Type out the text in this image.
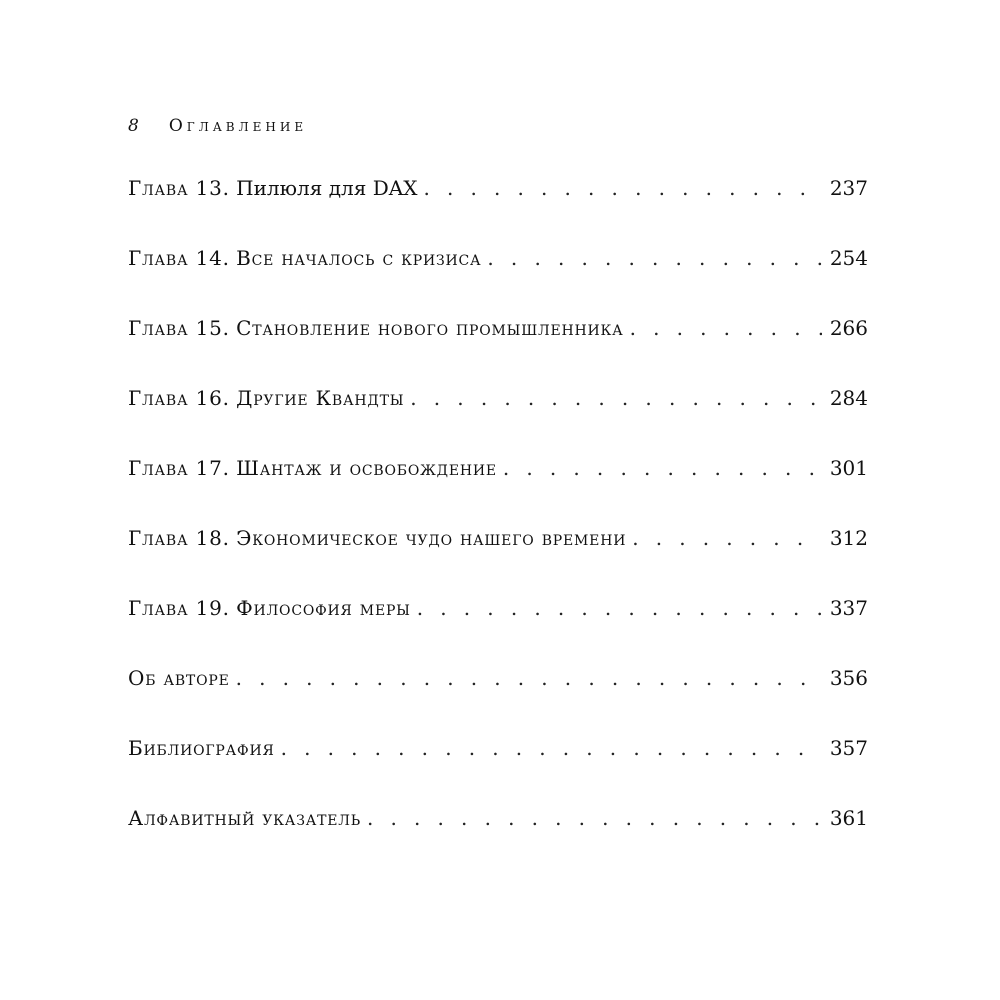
8 Оглавление
Глава 13. Пилюля для DAX . . .	237
Глава 14. Все началось с кризиса . . .	254
Глава 15. Становление нового промышленника . . .	266
Глава 16. Другие Квандты . . .	284
Глава 17. Шантаж и освобождение . . .	301
Глава 18. Экономическое чудо нашего времени . . .	312
Глава 19. Философия меры . . .	337
Об авторе . . .	356
Библиография . . .	357
Алфавитный указатель . . .	361
